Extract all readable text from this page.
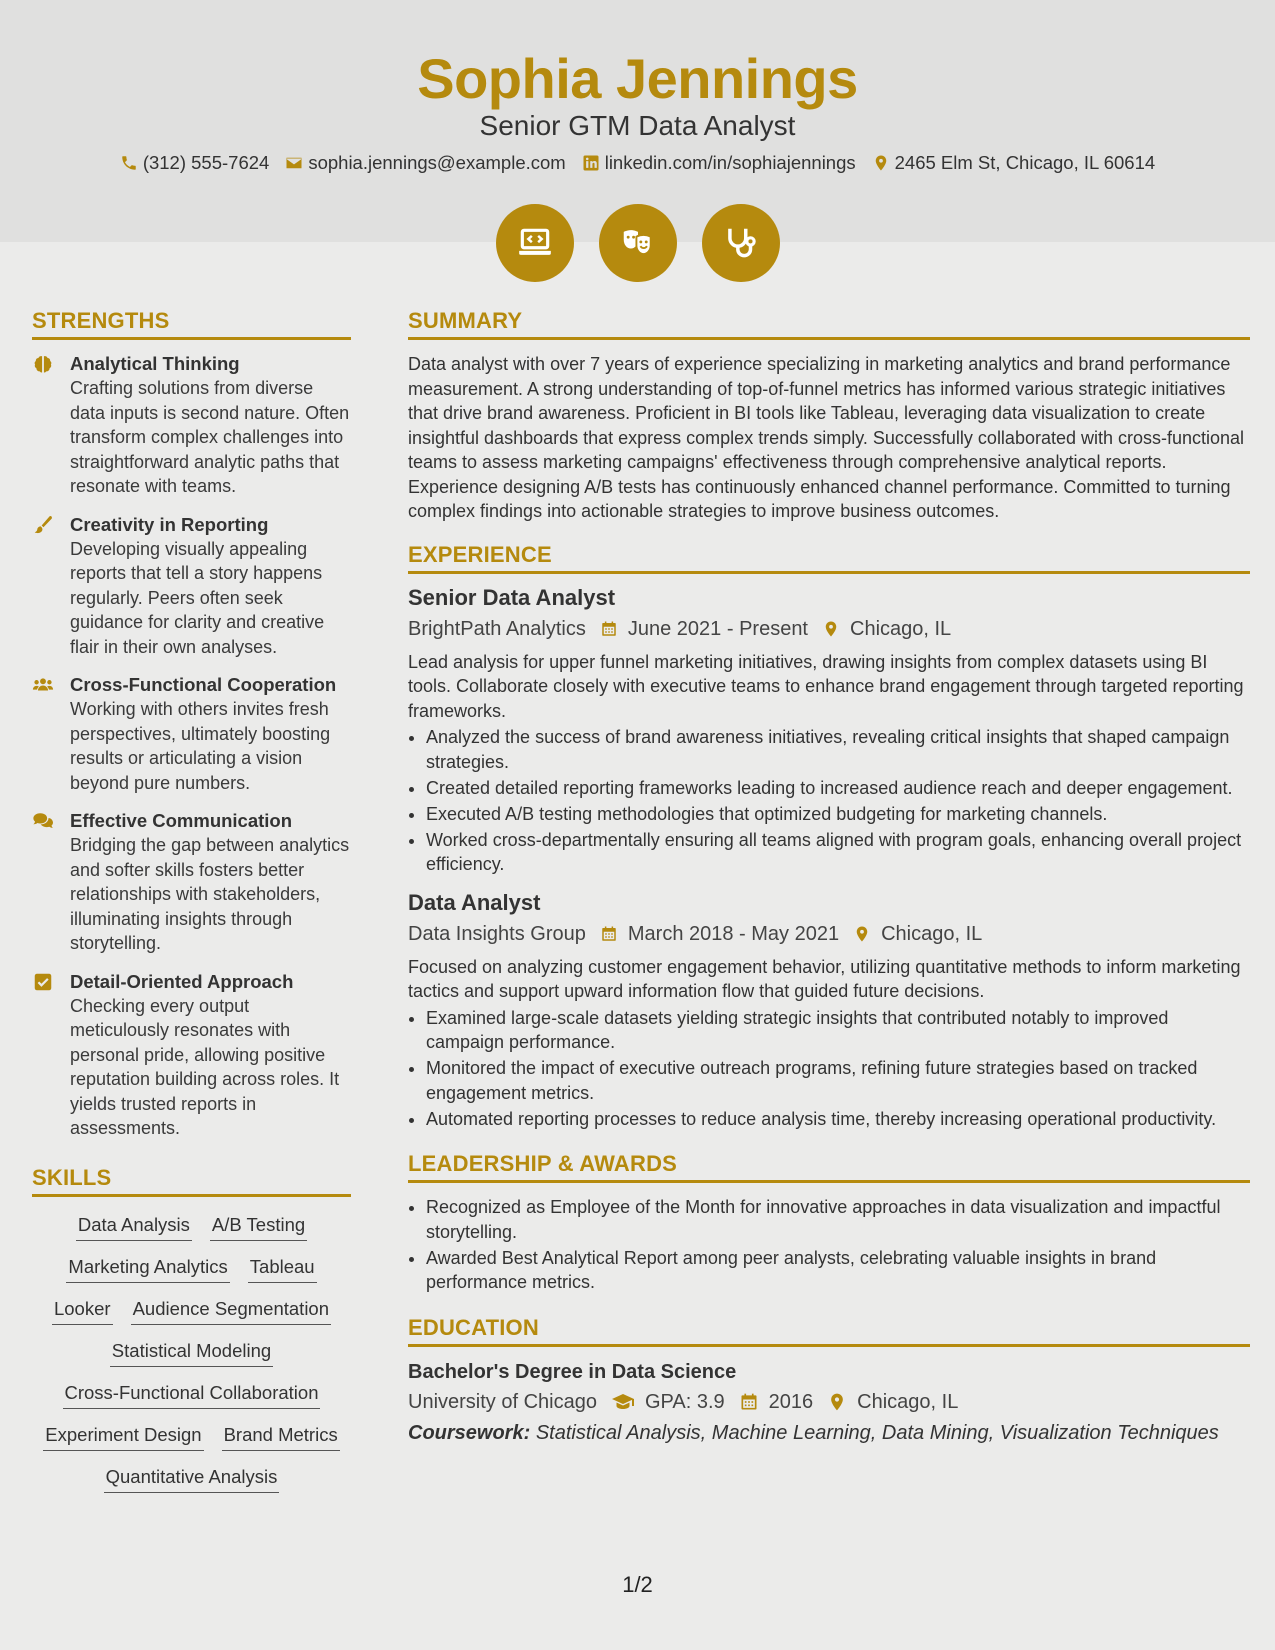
Sophia Jennings
Senior GTM Data Analyst
(312) 555-7624 sophia.jennings@example.com linkedin.com/in/sophiajennings 2465 Elm St, Chicago, IL 60614
STRENGTHS
Analytical Thinking
Crafting solutions from diverse data inputs is second nature. Often transform complex challenges into straightforward analytic paths that resonate with teams.
Creativity in Reporting
Developing visually appealing reports that tell a story happens regularly. Peers often seek guidance for clarity and creative flair in their own analyses.
Cross-Functional Cooperation
Working with others invites fresh perspectives, ultimately boosting results or articulating a vision beyond pure numbers.
Effective Communication
Bridging the gap between analytics and softer skills fosters better relationships with stakeholders, illuminating insights through storytelling.
Detail-Oriented Approach
Checking every output meticulously resonates with personal pride, allowing positive reputation building across roles. It yields trusted reports in assessments.
SKILLS
Data Analysis A/B Testing
Marketing Analytics Tableau
Looker Audience Segmentation
Statistical Modeling
Cross-Functional Collaboration
Experiment Design Brand Metrics
Quantitative Analysis
SUMMARY
Data analyst with over 7 years of experience specializing in marketing analytics and brand performance measurement. A strong understanding of top-of-funnel metrics has informed various strategic initiatives that drive brand awareness. Proficient in BI tools like Tableau, leveraging data visualization to create insightful dashboards that express complex trends simply. Successfully collaborated with cross-functional teams to assess marketing campaigns' effectiveness through comprehensive analytical reports. Experience designing A/B tests has continuously enhanced channel performance. Committed to turning complex findings into actionable strategies to improve business outcomes.
EXPERIENCE
Senior Data Analyst
BrightPath Analytics June 2021 - Present Chicago, IL
Lead analysis for upper funnel marketing initiatives, drawing insights from complex datasets using BI tools. Collaborate closely with executive teams to enhance brand engagement through targeted reporting frameworks.
• Analyzed the success of brand awareness initiatives, revealing critical insights that shaped campaign strategies.
• Created detailed reporting frameworks leading to increased audience reach and deeper engagement.
• Executed A/B testing methodologies that optimized budgeting for marketing channels.
• Worked cross-departmentally ensuring all teams aligned with program goals, enhancing overall project efficiency.
Data Analyst
Data Insights Group March 2018 - May 2021 Chicago, IL
Focused on analyzing customer engagement behavior, utilizing quantitative methods to inform marketing tactics and support upward information flow that guided future decisions.
• Examined large-scale datasets yielding strategic insights that contributed notably to improved campaign performance.
• Monitored the impact of executive outreach programs, refining future strategies based on tracked engagement metrics.
• Automated reporting processes to reduce analysis time, thereby increasing operational productivity.
LEADERSHIP & AWARDS
• Recognized as Employee of the Month for innovative approaches in data visualization and impactful storytelling.
• Awarded Best Analytical Report among peer analysts, celebrating valuable insights in brand performance metrics.
EDUCATION
Bachelor's Degree in Data Science
University of Chicago GPA: 3.9 2016 Chicago, IL
Coursework: Statistical Analysis, Machine Learning, Data Mining, Visualization Techniques
1/2
